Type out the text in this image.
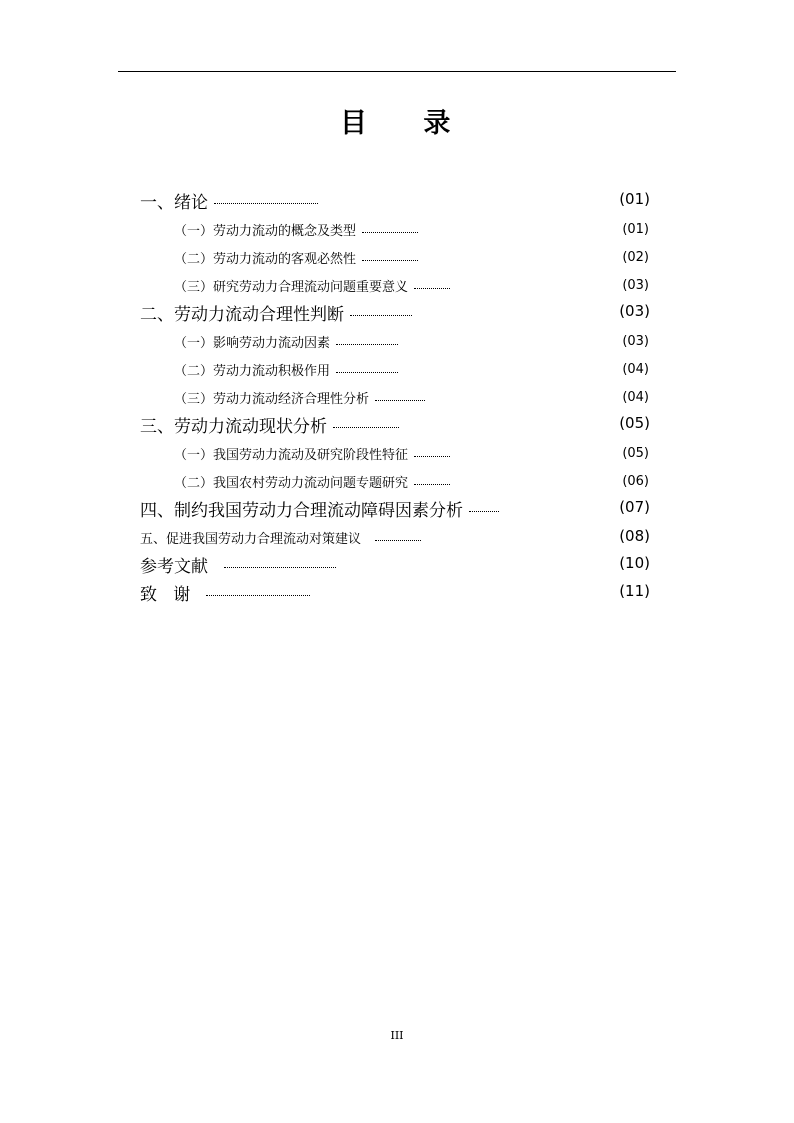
目      录
一、绪论	(01)
（一）劳动力流动的概念及类型	(01)
（二）劳动力流动的客观必然性	(02)
（三）研究劳动力合理流动问题重要意义	(03)
二、劳动力流动合理性判断	(03)
（一）影响劳动力流动因素	(03)
（二）劳动力流动积极作用	(04)
（三）劳动力流动经济合理性分析	(04)
三、劳动力流动现状分析	(05)
（一）我国劳动力流动及研究阶段性特征	(05)
（二）我国农村劳动力流动问题专题研究	(06)
四、制约我国劳动力合理流动障碍因素分析	(07)
五、促进我国劳动力合理流动对策建议	(08)
参考文献	(10)
致   谢	(11)
III
